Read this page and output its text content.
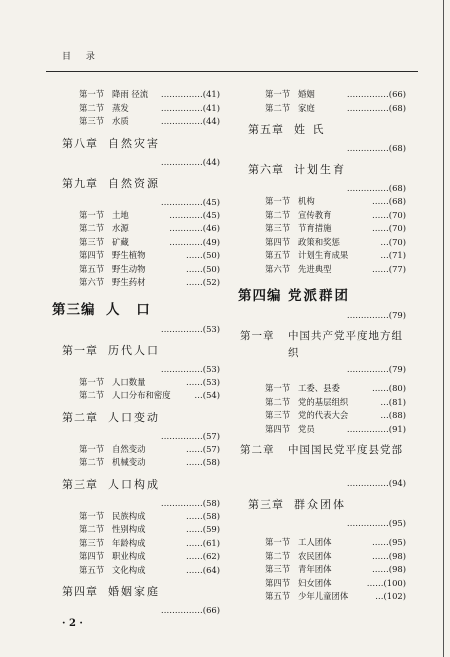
目 录
第一节 降雨 径流 ……………(41)
第二节 蒸发	……………(41)
第三节 水质	……………(44)
第八章 自然灾害
……………(44)
第九章 自然资源
……………(45)
第一节 土地	…………(45)
第二节 水源	…………(46)
第三节 矿藏	…………(49)
第四节 野生植物	……(50)
第五节 野生动物	……(50)
第六节 野生药材	……(52)
第三编 人 口
……………(53)
第一章 历代人口
……………(53)
第一节 人口数量	……(53)
第二节 人口分布和密度	…(54)
第二章 人口变动
……………(57)
第一节 自然变动	……(57)
第二节 机械变动	……(58)
第三章 人口构成
……………(58)
第一节 民族构成	……(58)
第二节 性别构成	……(59)
第三节 年龄构成	……(61)
第四节 职业构成	……(62)
第五节 文化构成	……(64)
第四章 婚姻家庭
……………(66)
第一节 婚姻	……………(66)
第二节 家庭	……………(68)
第五章 姓 氏
……………(68)
第六章 计划生育
……………(68)
第一节 机构	……(68)
第二节 宣传教育	……(70)
第三节 节育措施	……(70)
第四节 政策和奖惩	…(70)
第五节 计划生育成果	…(71)
第六节 先进典型	……(77)
第四编 党派群团
……………(79)
第一章 中国共产党平度地方组织
……………(79)
第一节 工委、县委	……(80)
第二节 党的基层组织	…(81)
第三节 党的代表大会	…(88)
第四节 党员	……………(91)
第二章 中国国民党平度县党部
……………(94)
第三章 群众团体
……………(95)
第一节 工人团体	……(95)
第二节 农民团体	……(98)
第三节 青年团体	……(98)
第四节 妇女团体	……(100)
第五节 少年儿童团体	…(102)
· 2 ·
